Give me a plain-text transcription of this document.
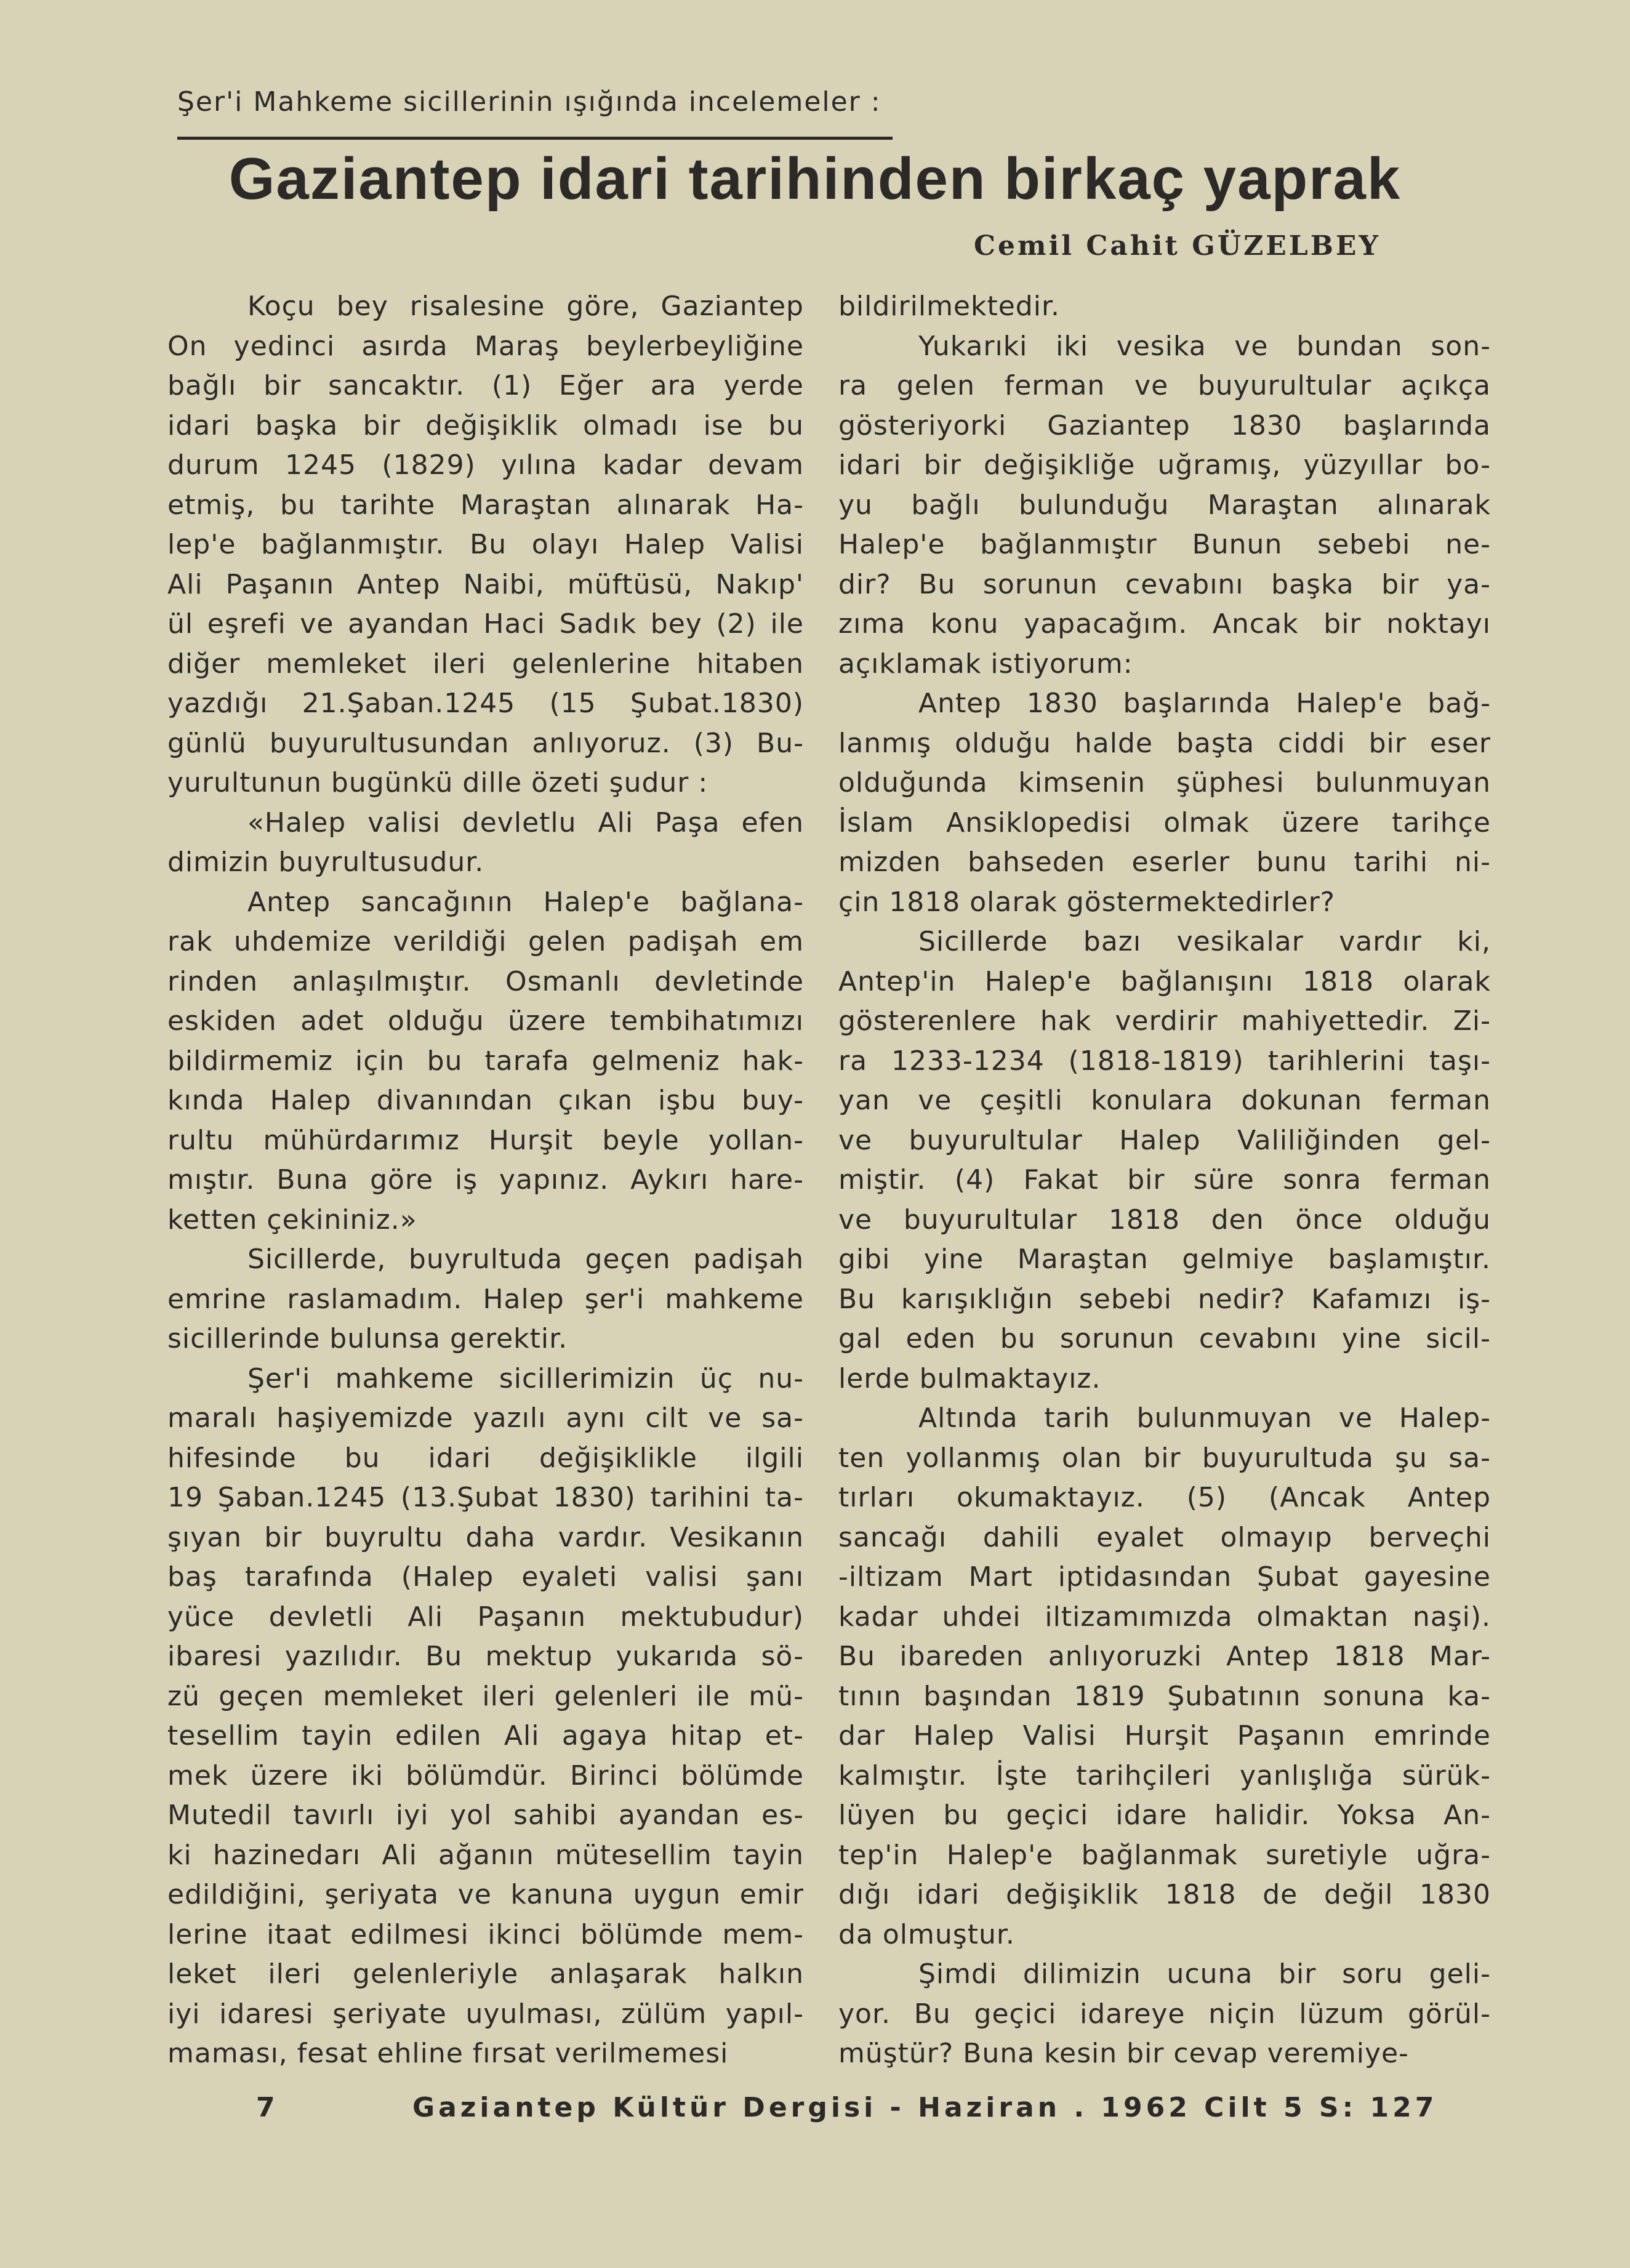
Şer'i Mahkeme sicillerinin ışığında incelemeler :
Gaziantep idari tarihinden birkaç yaprak
Cemil Cahit GÜZELBEY
Koçu bey risalesine göre, Gaziantep
On yedinci asırda Maraş beylerbeyliğine
bağlı bir sancaktır. (1) Eğer ara yerde
idari başka bir değişiklik olmadı ise bu
durum 1245 (1829) yılına kadar devam
etmiş, bu tarihte Maraştan alınarak Ha-
lep'e bağlanmıştır. Bu olayı Halep Valisi
Ali Paşanın Antep Naibi, müftüsü, Nakıp'
ül eşrefi ve ayandan Haci Sadık bey (2) ile
diğer memleket ileri gelenlerine hitaben
yazdığı 21.Şaban.1245 (15 Şubat.1830)
günlü buyurultusundan anlıyoruz. (3) Bu-
yurultunun bugünkü dille özeti şudur :
«Halep valisi devletlu Ali Paşa efen
dimizin buyrultusudur.
Antep sancağının Halep'e bağlana-
rak uhdemize verildiği gelen padişah em
rinden anlaşılmıştır. Osmanlı devletinde
eskiden adet olduğu üzere tembihatımızı
bildirmemiz için bu tarafa gelmeniz hak-
kında Halep divanından çıkan işbu buy-
rultu mühürdarımız Hurşit beyle yollan-
mıştır. Buna göre iş yapınız. Aykırı hare-
ketten çekininiz.»
Sicillerde, buyrultuda geçen padişah
emrine raslamadım. Halep şer'i mahkeme
sicillerinde bulunsa gerektir.
Şer'i mahkeme sicillerimizin üç nu-
maralı haşiyemizde yazılı aynı cilt ve sa-
hifesinde bu idari değişiklikle ilgili
19 Şaban.1245 (13.Şubat 1830) tarihini ta-
şıyan bir buyrultu daha vardır. Vesikanın
baş tarafında (Halep eyaleti valisi şanı
yüce devletli Ali Paşanın mektubudur)
ibaresi yazılıdır. Bu mektup yukarıda sö-
zü geçen memleket ileri gelenleri ile mü-
tesellim tayin edilen Ali agaya hitap et-
mek üzere iki bölümdür. Birinci bölümde
Mutedil tavırlı iyi yol sahibi ayandan es-
ki hazinedarı Ali ağanın mütesellim tayin
edildiğini, şeriyata ve kanuna uygun emir
lerine itaat edilmesi ikinci bölümde mem-
leket ileri gelenleriyle anlaşarak halkın
iyi idaresi şeriyate uyulması, zülüm yapıl-
maması, fesat ehline fırsat verilmemesi
bildirilmektedir.
Yukarıki iki vesika ve bundan son-
ra gelen ferman ve buyurultular açıkça
gösteriyorki Gaziantep 1830 başlarında
idari bir değişikliğe uğramış, yüzyıllar bo-
yu bağlı bulunduğu Maraştan alınarak
Halep'e bağlanmıştır Bunun sebebi ne-
dir? Bu sorunun cevabını başka bir ya-
zıma konu yapacağım. Ancak bir noktayı
açıklamak istiyorum:
Antep 1830 başlarında Halep'e bağ-
lanmış olduğu halde başta ciddi bir eser
olduğunda kimsenin şüphesi bulunmuyan
İslam Ansiklopedisi olmak üzere tarihçe
mizden bahseden eserler bunu tarihi ni-
çin 1818 olarak göstermektedirler?
Sicillerde bazı vesikalar vardır ki,
Antep'in Halep'e bağlanışını 1818 olarak
gösterenlere hak verdirir mahiyettedir. Zi-
ra 1233-1234 (1818-1819) tarihlerini taşı-
yan ve çeşitli konulara dokunan ferman
ve buyurultular Halep Valiliğinden gel-
miştir. (4) Fakat bir süre sonra ferman
ve buyurultular 1818 den önce olduğu
gibi yine Maraştan gelmiye başlamıştır.
Bu karışıklığın sebebi nedir? Kafamızı iş-
gal eden bu sorunun cevabını yine sicil-
lerde bulmaktayız.
Altında tarih bulunmuyan ve Halep-
ten yollanmış olan bir buyurultuda şu sa-
tırları okumaktayız. (5) (Ancak Antep
sancağı dahili eyalet olmayıp berveçhi
-iltizam Mart iptidasından Şubat gayesine
kadar uhdei iltizamımızda olmaktan naşi).
Bu ibareden anlıyoruzki Antep 1818 Mar-
tının başından 1819 Şubatının sonuna ka-
dar Halep Valisi Hurşit Paşanın emrinde
kalmıştır. İşte tarihçileri yanlışlığa sürük-
lüyen bu geçici idare halidir. Yoksa An-
tep'in Halep'e bağlanmak suretiyle uğra-
dığı idari değişiklik 1818 de değil 1830
da olmuştur.
Şimdi dilimizin ucuna bir soru geli-
yor. Bu geçici idareye niçin lüzum görül-
müştür? Buna kesin bir cevap veremiye-
7	Gaziantep Kültür Dergisi - Haziran . 1962 Cilt 5 S: 127
